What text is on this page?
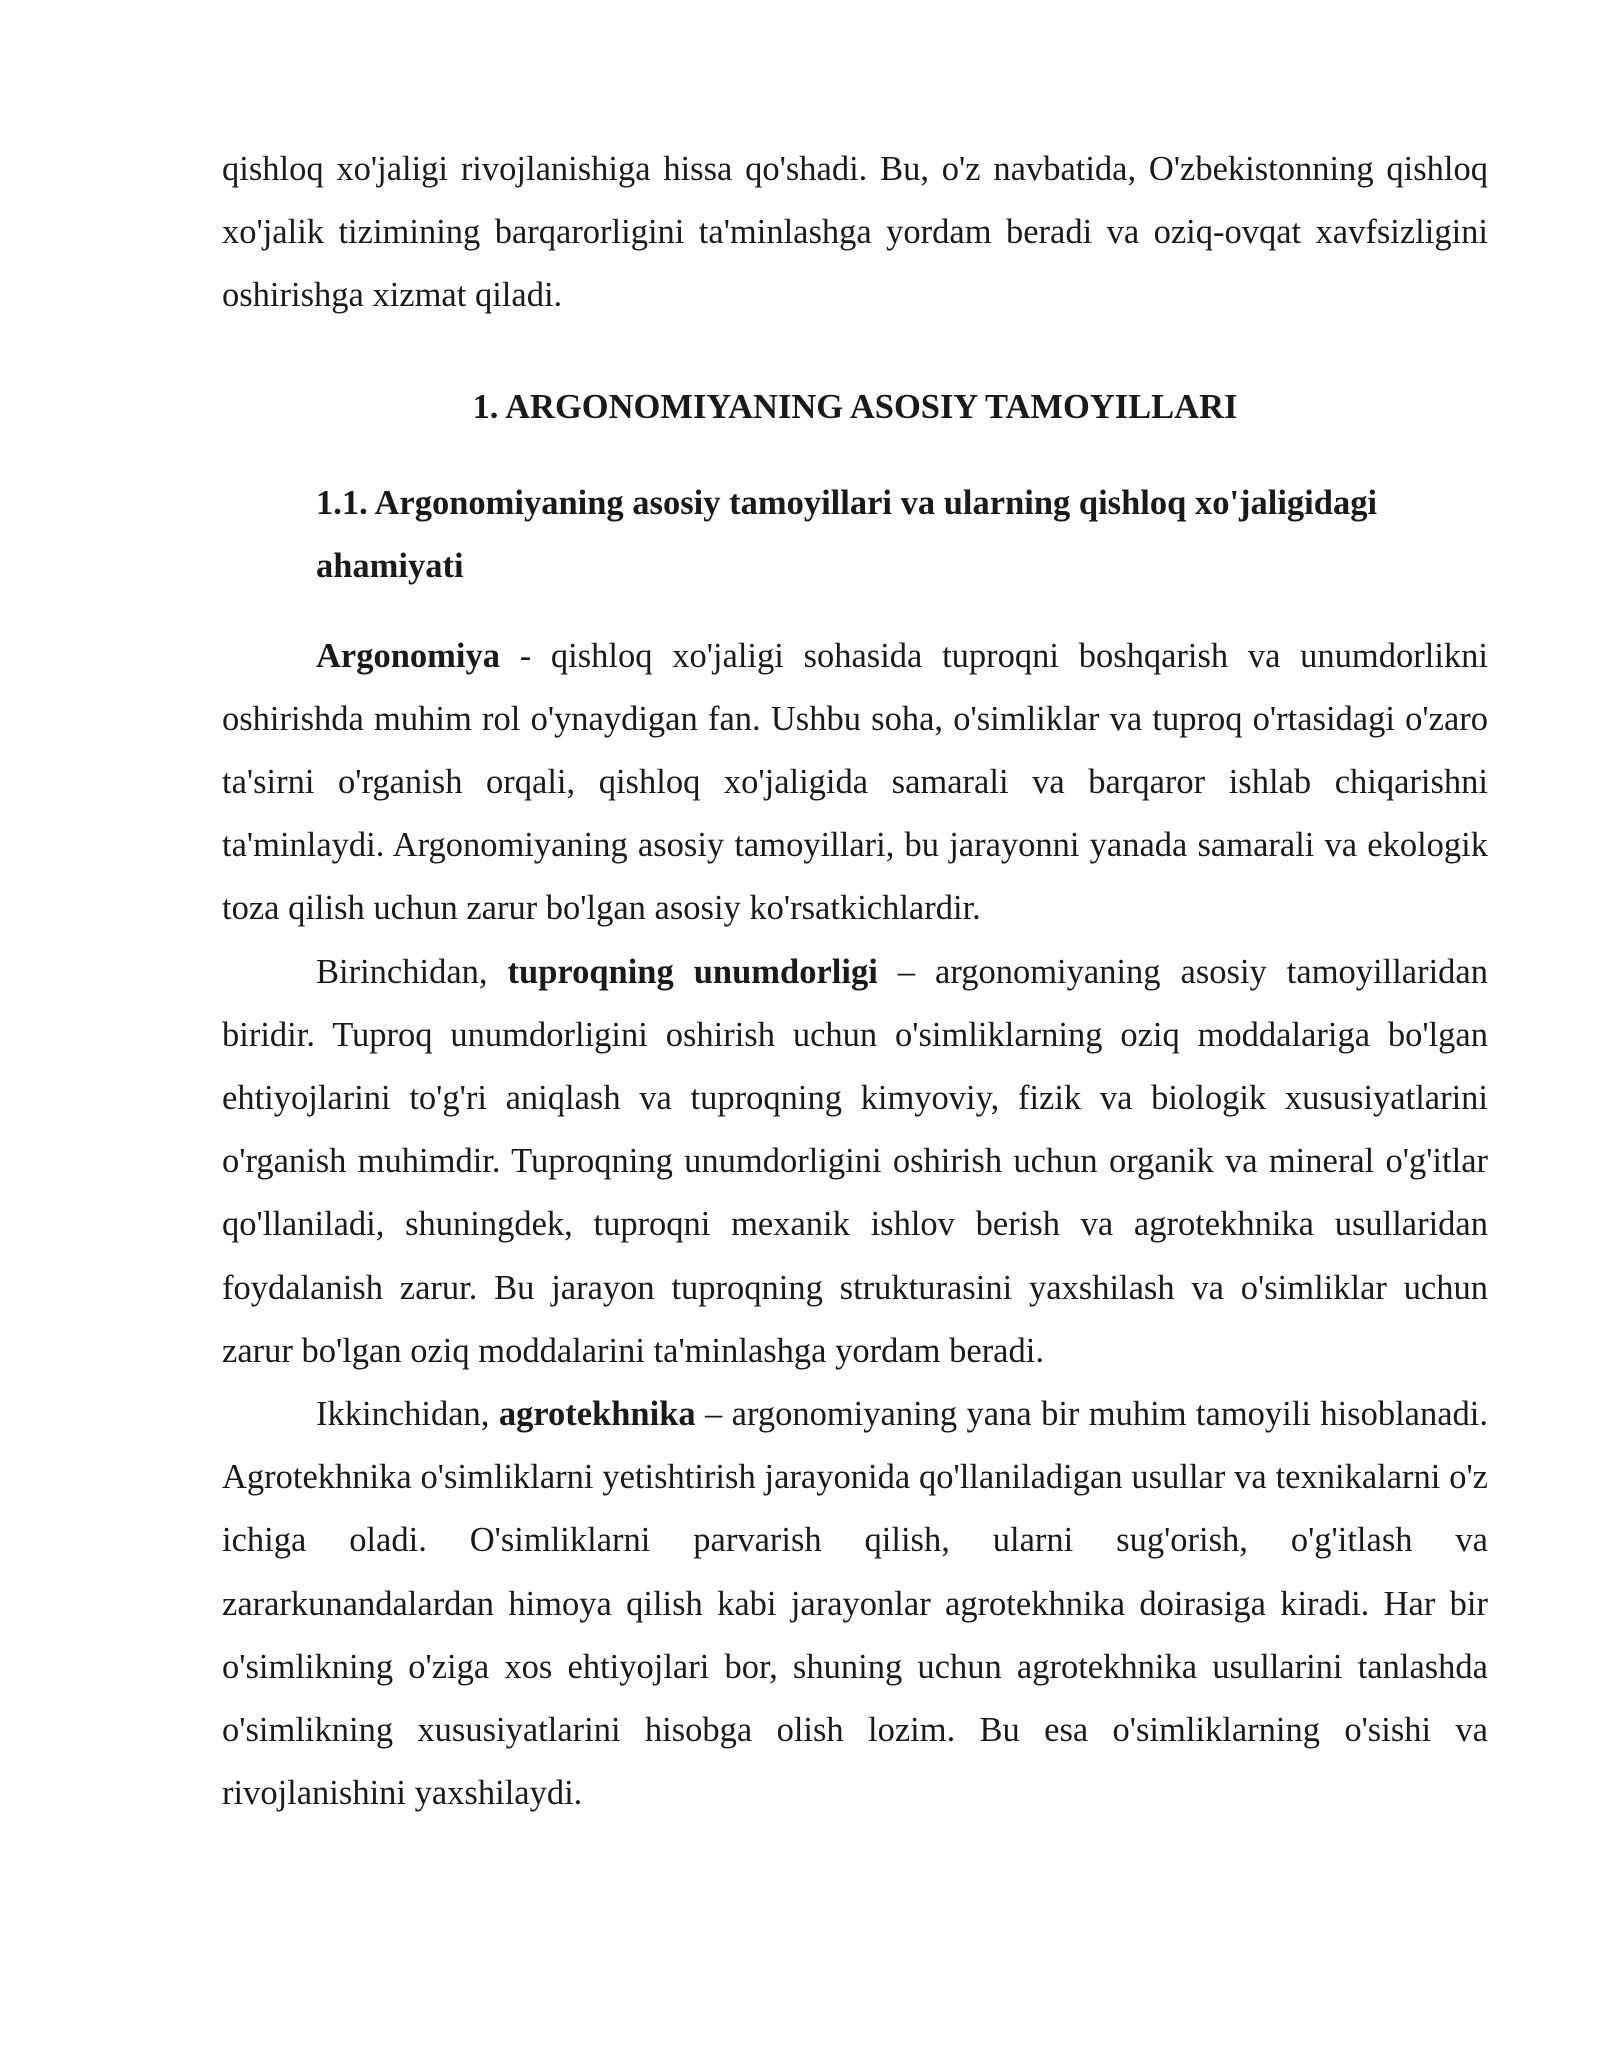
qishloq xo'jaligi rivojlanishiga hissa qo'shadi. Bu, o'z navbatida, O'zbekistonning qishloq xo'jalik tizimining barqarorligini ta'minlashga yordam beradi va oziq-ovqat xavfsizligini oshirishga xizmat qiladi.

1. ARGONOMIYANING ASOSIY TAMOYILLARI
1.1. Argonomiyaning asosiy tamoyillari va ularning qishloq xo'jaligidagi ahamiyati

Argonomiya - qishloq xo'jaligi sohasida tuproqni boshqarish va unumdorlikni oshirishda muhim rol o'ynaydigan fan. Ushbu soha, o'simliklar va tuproq o'rtasidagi o'zaro ta'sirni o'rganish orqali, qishloq xo'jaligida samarali va barqaror ishlab chiqarishni ta'minlaydi. Argonomiyaning asosiy tamoyillari, bu jarayonni yanada samarali va ekologik toza qilish uchun zarur bo'lgan asosiy ko'rsatkichlardir.

Birinchidan, tuproqning unumdorligi – argonomiyaning asosiy tamoyillaridan biridir. Tuproq unumdorligini oshirish uchun o'simliklarning oziq moddalariga bo'lgan ehtiyojlarini to'g'ri aniqlash va tuproqning kimyoviy, fizik va biologik xususiyatlarini o'rganish muhimdir. Tuproqning unumdorligini oshirish uchun organik va mineral o'g'itlar qo'llaniladi, shuningdek, tuproqni mexanik ishlov berish va agrotekhnika usullaridan foydalanish zarur. Bu jarayon tuproqning strukturasini yaxshilash va o'simliklar uchun zarur bo'lgan oziq moddalarini ta'minlashga yordam beradi.

Ikkinchidan, agrotekhnika – argonomiyaning yana bir muhim tamoyili hisoblanadi. Agrotekhnika o'simliklarni yetishtirish jarayonida qo'llaniladigan usullar va texnikalarni o'z ichiga oladi. O'simliklarni parvarish qilish, ularni sug'orish, o'g'itlash va zararkunandalardan himoya qilish kabi jarayonlar agrotekhnika doirasiga kiradi. Har bir o'simlikning o'ziga xos ehtiyojlari bor, shuning uchun agrotekhnika usullarini tanlashda o'simlikning xususiyatlarini hisobga olish lozim. Bu esa o'simliklarning o'sishi va rivojlanishini yaxshilaydi.
